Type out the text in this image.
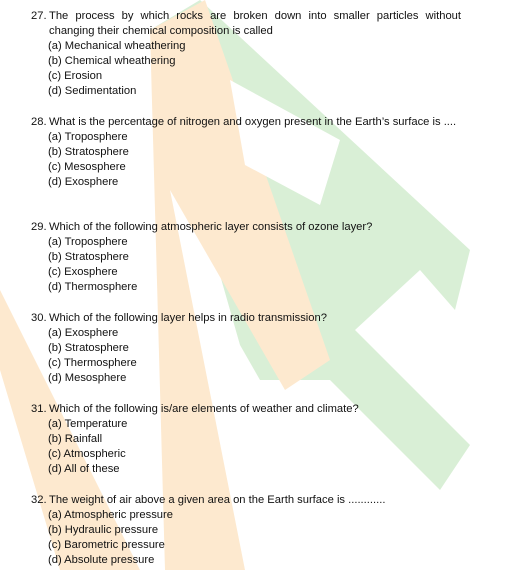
27. The process by which rocks are broken down into smaller particles without changing their chemical composition is called
(a) Mechanical wheathering
(b) Chemical wheathering
(c) Erosion
(d) Sedimentation
28. What is the percentage of nitrogen and oxygen present in the Earth’s surface is ....
(a) Troposphere
(b) Stratosphere
(c) Mesosphere
(d) Exosphere
29. Which of the following atmospheric layer consists of ozone layer?
(a) Troposphere
(b) Stratosphere
(c) Exosphere
(d) Thermosphere
30. Which of the following layer helps in radio transmission?
(a) Exosphere
(b) Stratosphere
(c) Thermosphere
(d) Mesosphere
31. Which of the following is/are elements of weather and climate?
(a) Temperature
(b) Rainfall
(c) Atmospheric
(d) All of these
32. The weight of air above a given area on the Earth surface is ............
(a) Atmospheric pressure
(b) Hydraulic pressure
(c) Barometric pressure
(d) Absolute pressure
